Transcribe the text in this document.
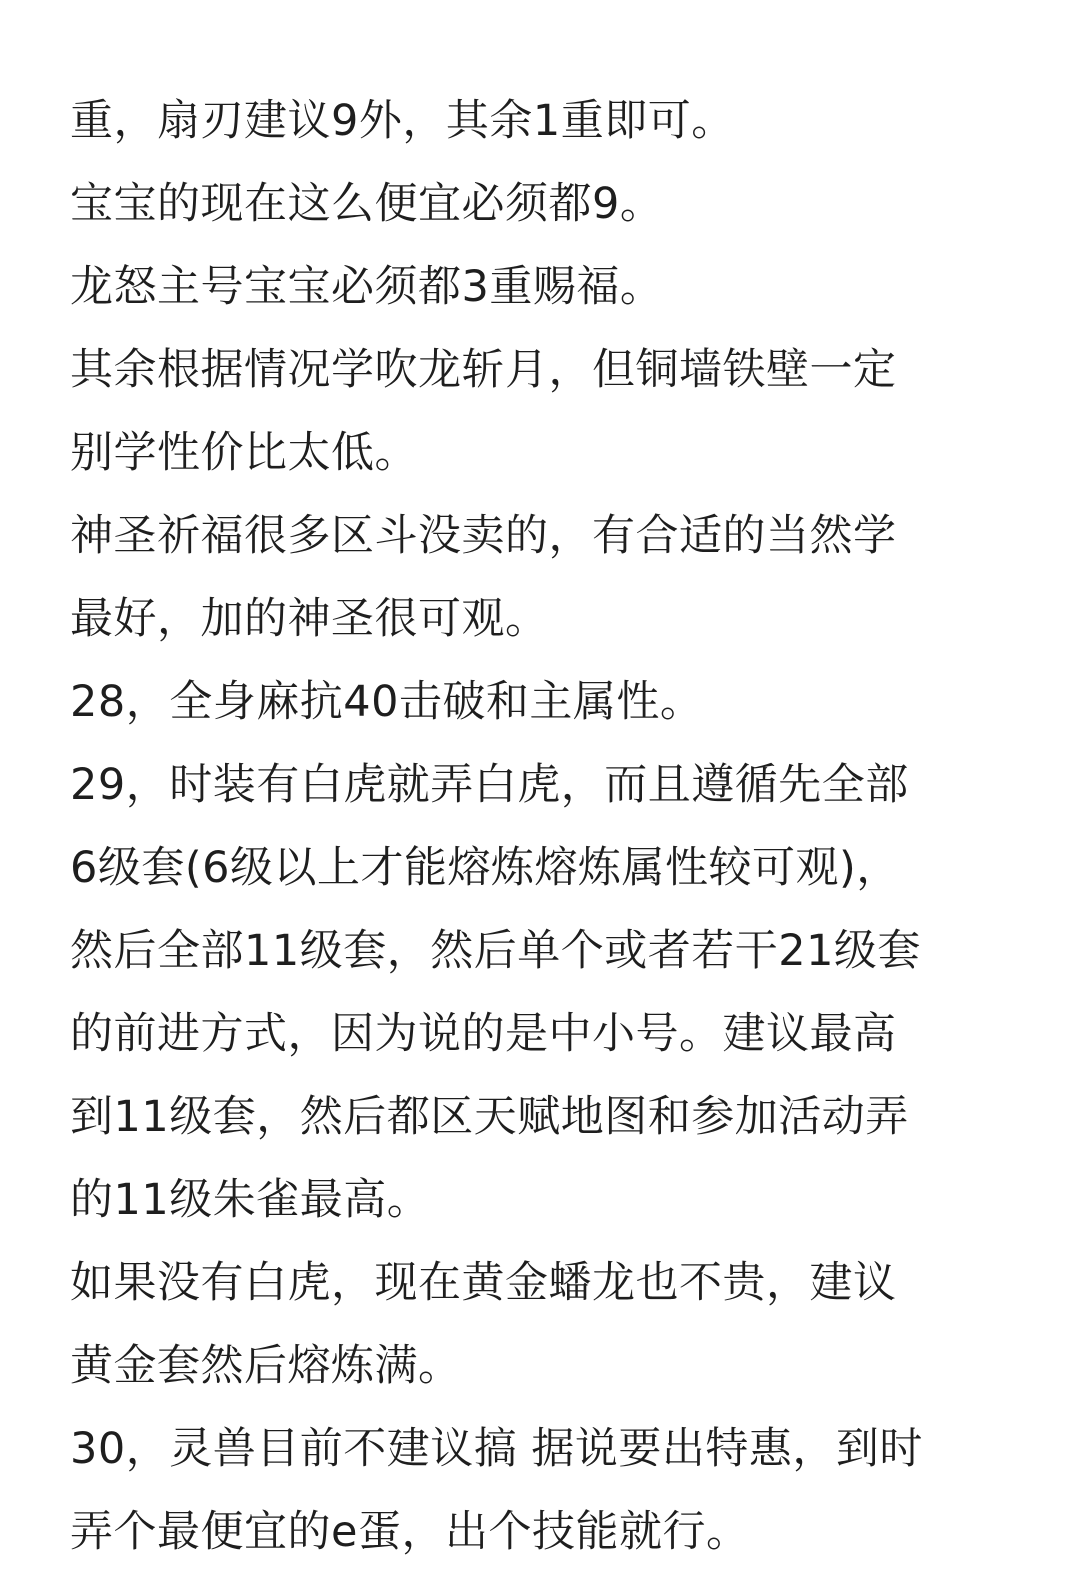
重，扇刃建议9外，其余1重即可。
宝宝的现在这么便宜必须都9。
龙怒主号宝宝必须都3重赐福。
其余根据情况学吹龙斩月，但铜墙铁壁一定
别学性价比太低。
神圣祈福很多区斗没卖的，有合适的当然学
最好，加的神圣很可观。
28，全身麻抗40击破和主属性。
29，时装有白虎就弄白虎，而且遵循先全部
6级套(6级以上才能熔炼熔炼属性较可观)，
然后全部11级套，然后单个或者若干21级套
的前进方式，因为说的是中小号。建议最高
到11级套，然后都区天赋地图和参加活动弄
的11级朱雀最高。
如果没有白虎，现在黄金蟠龙也不贵，建议
黄金套然后熔炼满。
30，灵兽目前不建议搞 据说要出特惠，到时
弄个最便宜的e蛋，出个技能就行。
